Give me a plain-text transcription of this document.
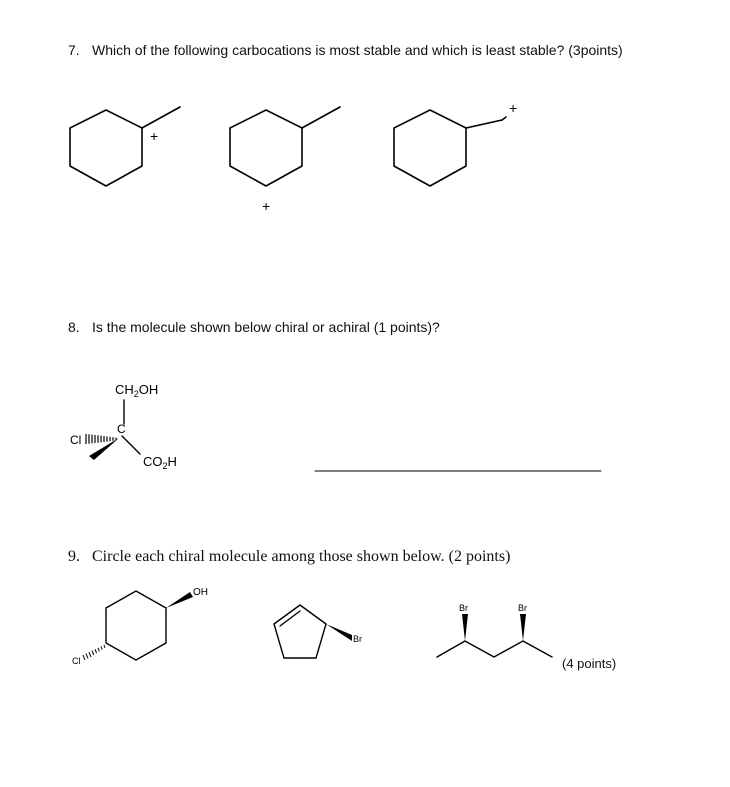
7. Which of the following carbocations is most stable and which is least stable? (3points)
8. Is the molecule shown below chiral or achiral (1 points)?
9. Circle each chiral molecule among those shown below. (2 points)
+
+
+
$CH_2OH$
Cl
C
$CO_2H$
OH
Cl
Br
Br	Br
(4 points)
